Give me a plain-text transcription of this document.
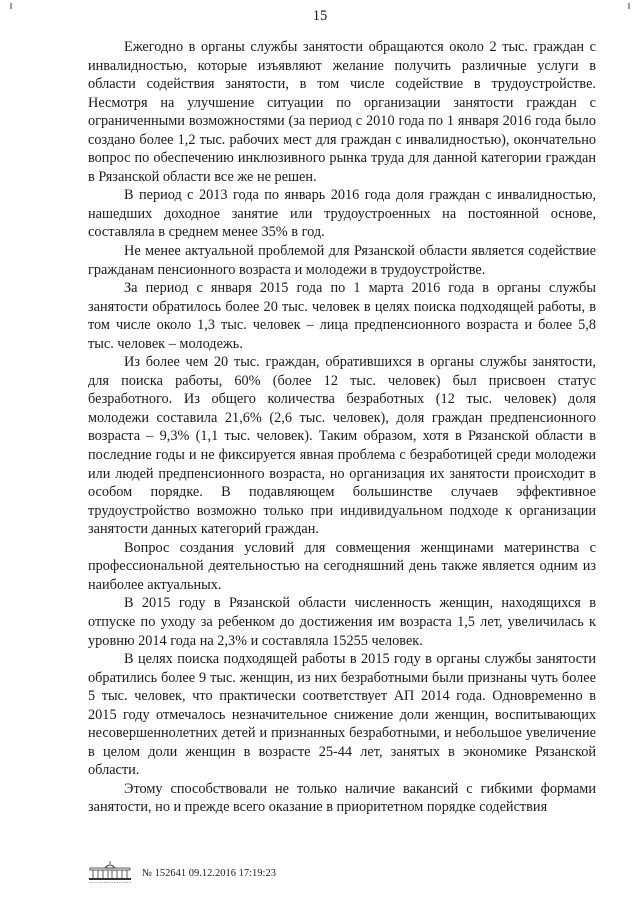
15

Ежегодно в органы службы занятости обращаются около 2 тыс. граждан с инвалидностью, которые изъявляют желание получить различные услуги в области содействия занятости, в том числе содействие в трудоустройстве. Несмотря на улучшение ситуации по организации занятости граждан с ограниченными возможностями (за период с 2010 года по 1 января 2016 года было создано более 1,2 тыс. рабочих мест для граждан с инвалидностью), окончательно вопрос по обеспечению инклюзивного рынка труда для данной категории граждан в Рязанской области все же не решен.

В период с 2013 года по январь 2016 года доля граждан с инвалидностью, нашедших доходное занятие или трудоустроенных на постоянной основе, составляла в среднем менее 35% в год.

Не менее актуальной проблемой для Рязанской области является содействие гражданам пенсионного возраста и молодежи в трудоустройстве.

За период с января 2015 года по 1 марта 2016 года в органы службы занятости обратилось более 20 тыс. человек в целях поиска подходящей работы, в том числе около 1,3 тыс. человек – лица предпенсионного возраста и более 5,8 тыс. человек – молодежь.

Из более чем 20 тыс. граждан, обратившихся в органы службы занятости, для поиска работы, 60% (более 12 тыс. человек) был присвоен статус безработного. Из общего количества безработных (12 тыс. человек) доля молодежи составила 21,6% (2,6 тыс. человек), доля граждан предпенсионного возраста – 9,3% (1,1 тыс. человек). Таким образом, хотя в Рязанской области в последние годы и не фиксируется явная проблема с безработицей среди молодежи или людей предпенсионного возраста, но организация их занятости происходит в особом порядке. В подавляющем большинстве случаев эффективное трудоустройство возможно только при индивидуальном подходе к организации занятости данных категорий граждан.

Вопрос создания условий для совмещения женщинами материнства с профессиональной деятельностью на сегодняшний день также является одним из наиболее актуальных.

В 2015 году в Рязанской области численность женщин, находящихся в отпуске по уходу за ребенком до достижения им возраста 1,5 лет, увеличилась к уровню 2014 года на 2,3% и составляла 15255 человек.

В целях поиска подходящей работы в 2015 году в органы службы занятости обратились более 9 тыс. женщин, из них безработными были признаны чуть более 5 тыс. человек, что практически соответствует АП 2014 года. Одновременно в 2015 году отмечалось незначительное снижение доли женщин, воспитывающих несовершеннолетних детей и признанных безработными, и небольшое увеличение в целом доли женщин в возрасте 25-44 лет, занятых в экономике Рязанской области.

Этому способствовали не только наличие вакансий с гибкими формами занятости, но и прежде всего оказание в приоритетном порядке содействия

№ 152641 09.12.2016 17:19:23
